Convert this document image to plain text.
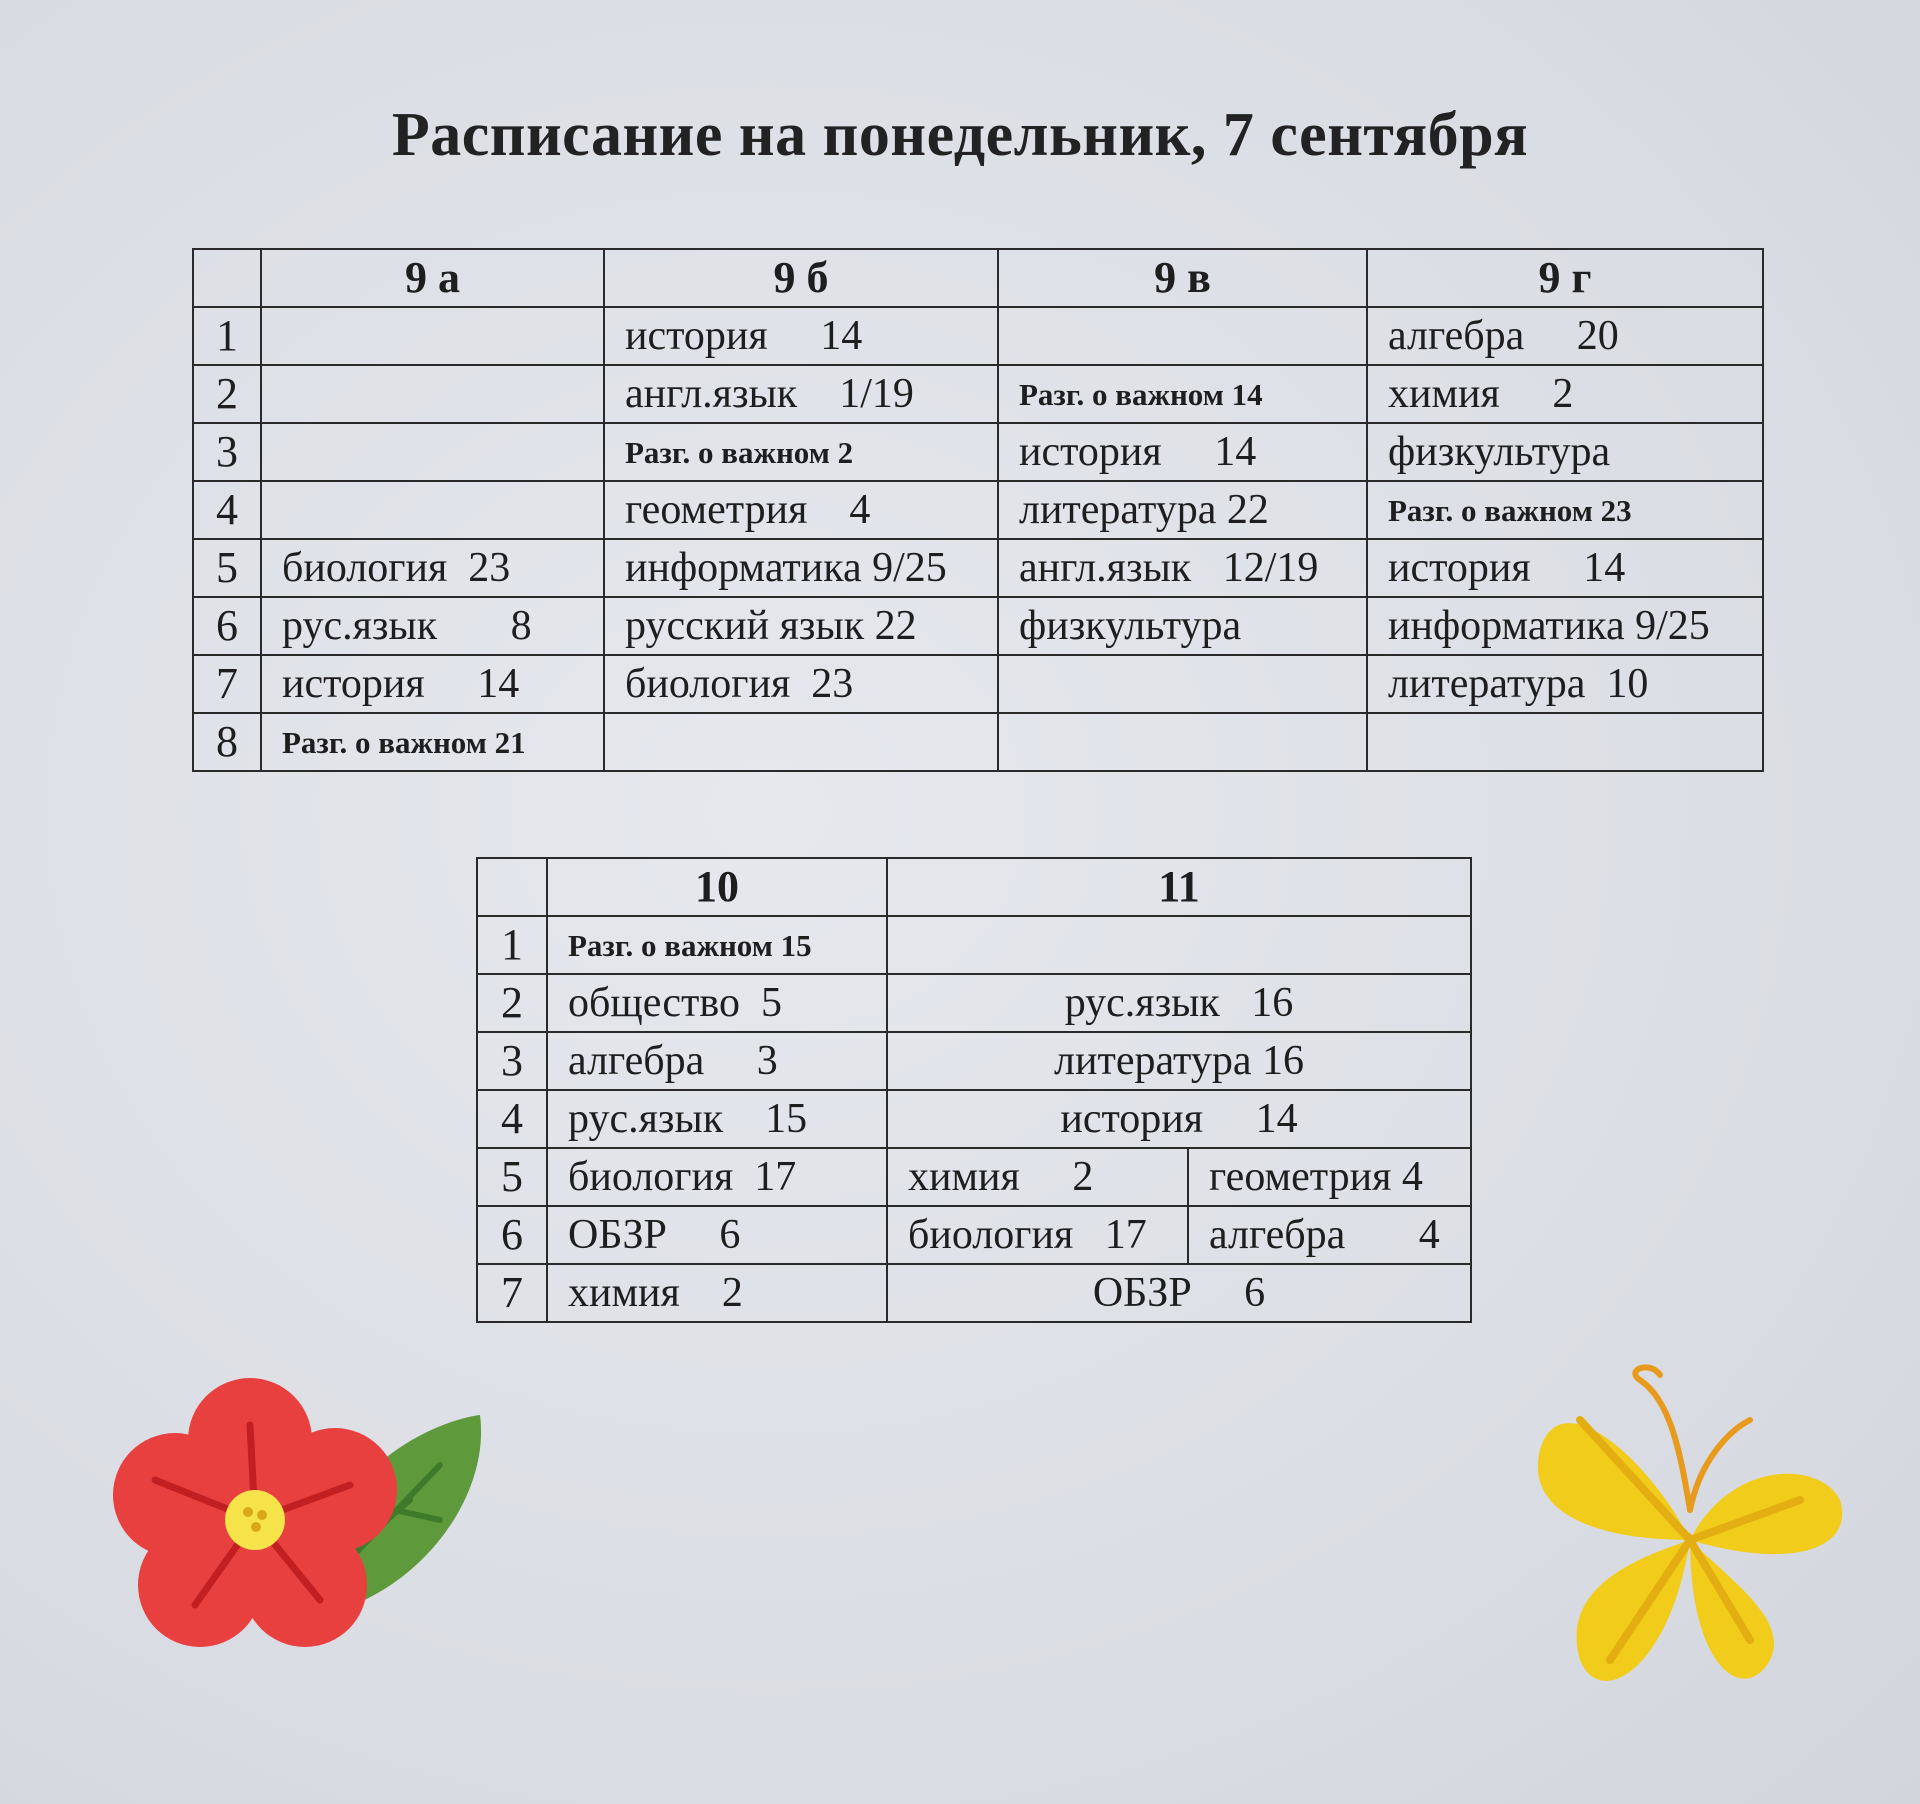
Расписание на понедельник, 7 сентября
	9 а	9 б	9 в	9 г
1		история     14		алгебра     20
2		англ.язык    1/19	Разг. о важном 14	химия     2
3		Разг. о важном 2	история     14	физкультура
4		геометрия    4	литература 22	Разг. о важном 23
5	биология  23	информатика 9/25	англ.язык   12/19	история     14
6	рус.язык       8	русский язык 22	физкультура	информатика 9/25
7	история     14	биология  23		литература  10
8	Разг. о важном 21			
	10	11	
1	Разг. о важном 15		
2	общество  5	рус.язык   16	
3	алгебра     3	литература 16	
4	рус.язык    15	история     14	
5	биология  17	химия     2	геометрия 4
6	ОБЗР     6	биология   17	алгебра       4
7	химия    2	ОБЗР     6	
